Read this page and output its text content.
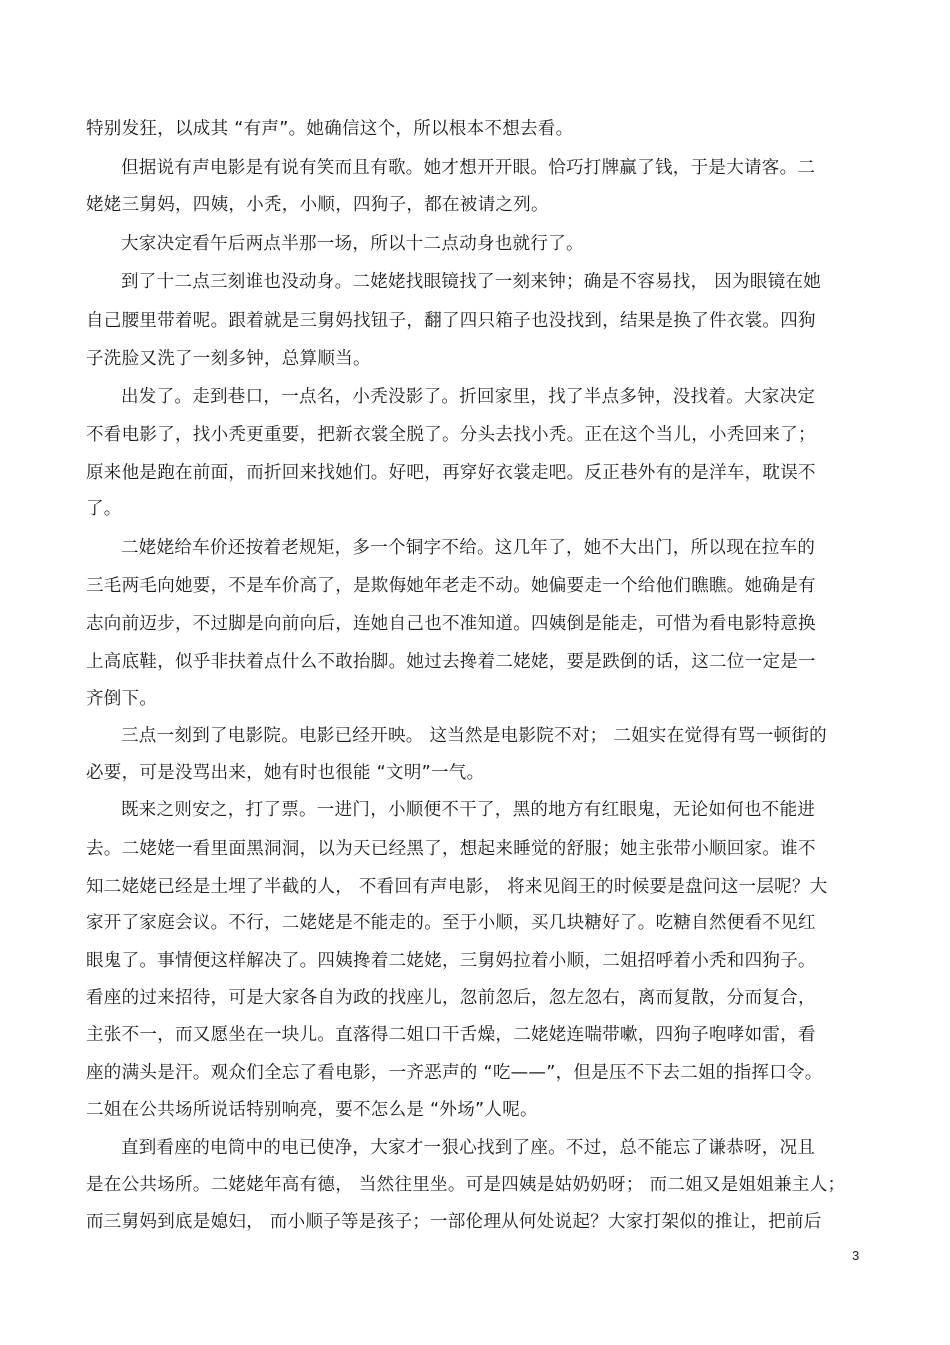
特别发狂，以成其 “有声”。她确信这个，所以根本不想去看。
但据说有声电影是有说有笑而且有歌。她才想开开眼。恰巧打牌赢了钱，于是大请客。二
姥姥三舅妈，四姨，小秃，小顺，四狗子，都在被请之列。
大家决定看午后两点半那一场，所以十二点动身也就行了。
到了十二点三刻谁也没动身。二姥姥找眼镜找了一刻来钟；确是不容易找， 因为眼镜在她
自己腰里带着呢。跟着就是三舅妈找钮子，翻了四只箱子也没找到，结果是换了件衣裳。四狗
子洗脸又洗了一刻多钟，总算顺当。
出发了。走到巷口，一点名，小秃没影了。折回家里，找了半点多钟，没找着。大家决定
不看电影了，找小秃更重要，把新衣裳全脱了。分头去找小秃。正在这个当儿，小秃回来了；
原来他是跑在前面，而折回来找她们。好吧，再穿好衣裳走吧。反正巷外有的是洋车，耽误不
了。
二姥姥给车价还按着老规矩，多一个铜字不给。这几年了，她不大出门，所以现在拉车的
三毛两毛向她要，不是车价高了，是欺侮她年老走不动。她偏要走一个给他们瞧瞧。她确是有
志向前迈步，不过脚是向前向后，连她自己也不准知道。四姨倒是能走，可惜为看电影特意换
上高底鞋，似乎非扶着点什么不敢抬脚。她过去搀着二姥姥，要是跌倒的话，这二位一定是一
齐倒下。
三点一刻到了电影院。电影已经开映。 这当然是电影院不对； 二姐实在觉得有骂一顿街的
必要，可是没骂出来，她有时也很能 “文明”一气。
既来之则安之，打了票。一进门，小顺便不干了，黑的地方有红眼鬼，无论如何也不能进
去。二姥姥一看里面黑洞洞，以为天已经黑了，想起来睡觉的舒服；她主张带小顺回家。谁不
知二姥姥已经是土埋了半截的人， 不看回有声电影， 将来见阎王的时候要是盘问这一层呢？大
家开了家庭会议。不行，二姥姥是不能走的。至于小顺，买几块糖好了。吃糖自然便看不见红
眼鬼了。事情便这样解决了。四姨搀着二姥姥，三舅妈拉着小顺，二姐招呼着小秃和四狗子。
看座的过来招待，可是大家各自为政的找座儿，忽前忽后，忽左忽右，离而复散，分而复合，
主张不一，而又愿坐在一块儿。直落得二姐口干舌燥，二姥姥连喘带嗽，四狗子咆哮如雷，看
座的满头是汗。观众们全忘了看电影，一齐恶声的 “吃——”，但是压不下去二姐的指挥口令。
二姐在公共场所说话特别响亮，要不怎么是 “外场”人呢。
直到看座的电筒中的电已使净，大家才一狠心找到了座。不过，总不能忘了谦恭呀，况且
是在公共场所。二姥姥年高有德， 当然往里坐。可是四姨是姑奶奶呀； 而二姐又是姐姐兼主人；
而三舅妈到底是媳妇， 而小顺子等是孩子；一部伦理从何处说起？大家打架似的推让，把前后
3
